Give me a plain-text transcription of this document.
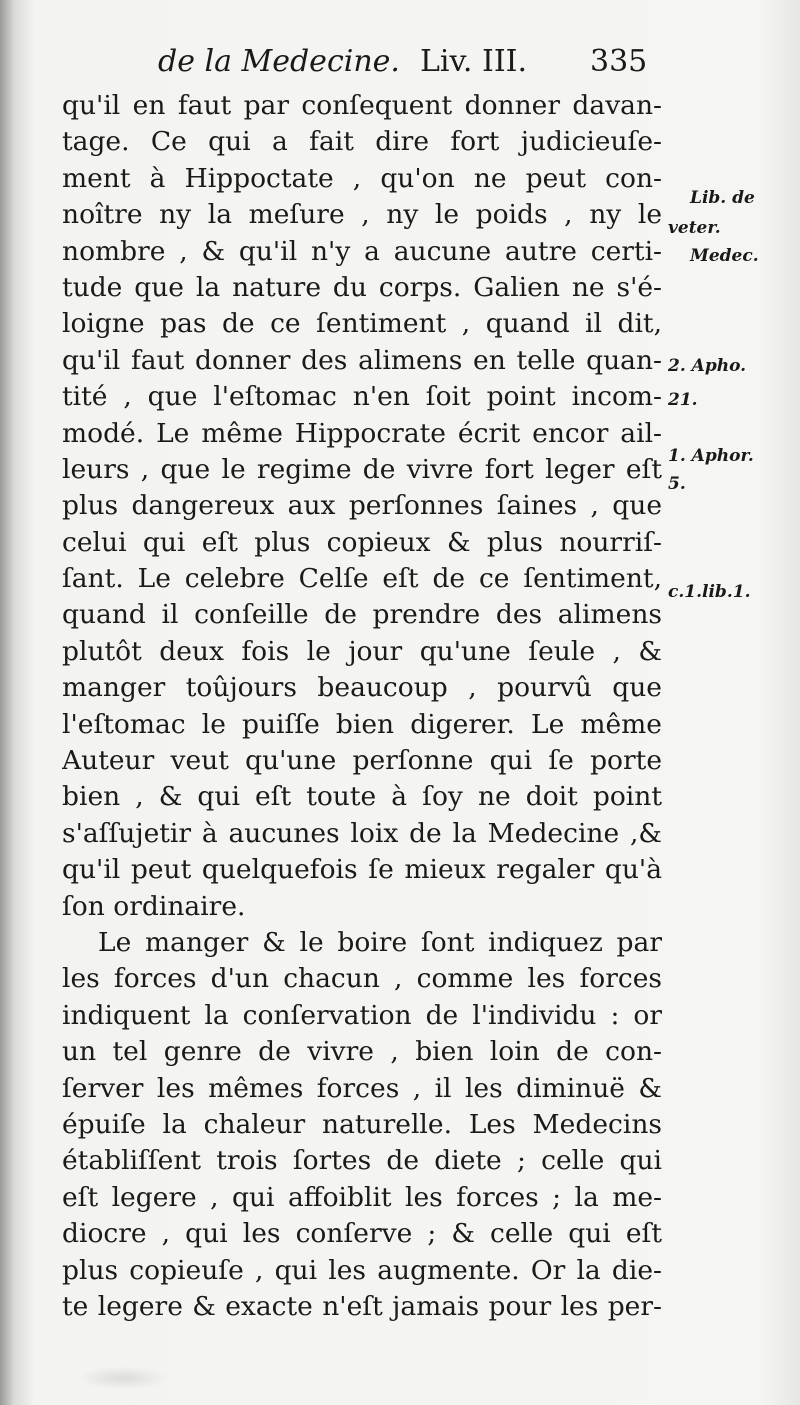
de la Medecine. Liv. III. 335
qu'il en faut par conſequent donner davan-
tage. Ce qui a fait dire fort judicieuſe-
ment à Hippoctate , qu'on ne peut con-
noître ny la meſure , ny le poids , ny le
nombre , & qu'il n'y a aucune autre certi-
tude que la nature du corps. Galien ne s'é-
loigne pas de ce ſentiment , quand il dit,
qu'il faut donner des alimens en telle quan-
tité , que l'eſtomac n'en ſoit point incom-
modé. Le même Hippocrate écrit encor ail-
leurs , que le regime de vivre fort leger eſt
plus dangereux aux perſonnes ſaines , que
celui qui eſt plus copieux & plus nourriſ-
ſant. Le celebre Celſe eſt de ce ſentiment,
quand il conſeille de prendre des alimens
plutôt deux fois le jour qu'une ſeule , &
manger toûjours beaucoup , pourvû que
l'eſtomac le puiſſe bien digerer. Le même
Auteur veut qu'une perſonne qui ſe porte
bien , & qui eſt toute à ſoy ne doit point
s'aſſujetir à aucunes loix de la Medecine ,&
qu'il peut quelquefois ſe mieux regaler qu'à
ſon ordinaire.
Le manger & le boire ſont indiquez par
les forces d'un chacun , comme les forces
indiquent la conſervation de l'individu : or
un tel genre de vivre , bien loin de con-
ſerver les mêmes forces , il les diminuë &
épuiſe la chaleur naturelle. Les Medecins
établiſſent trois ſortes de diete ; celle qui
eſt legere , qui affoiblit les forces ; la me-
diocre , qui les conſerve ; & celle qui eſt
plus copieuſe , qui les augmente. Or la die-
te legere & exacte n'eſt jamais pour les per-
Lib. de
veter.
Medec.
2. Apho.
21.
1. Aphor.
5.
c.1.lib.1.
